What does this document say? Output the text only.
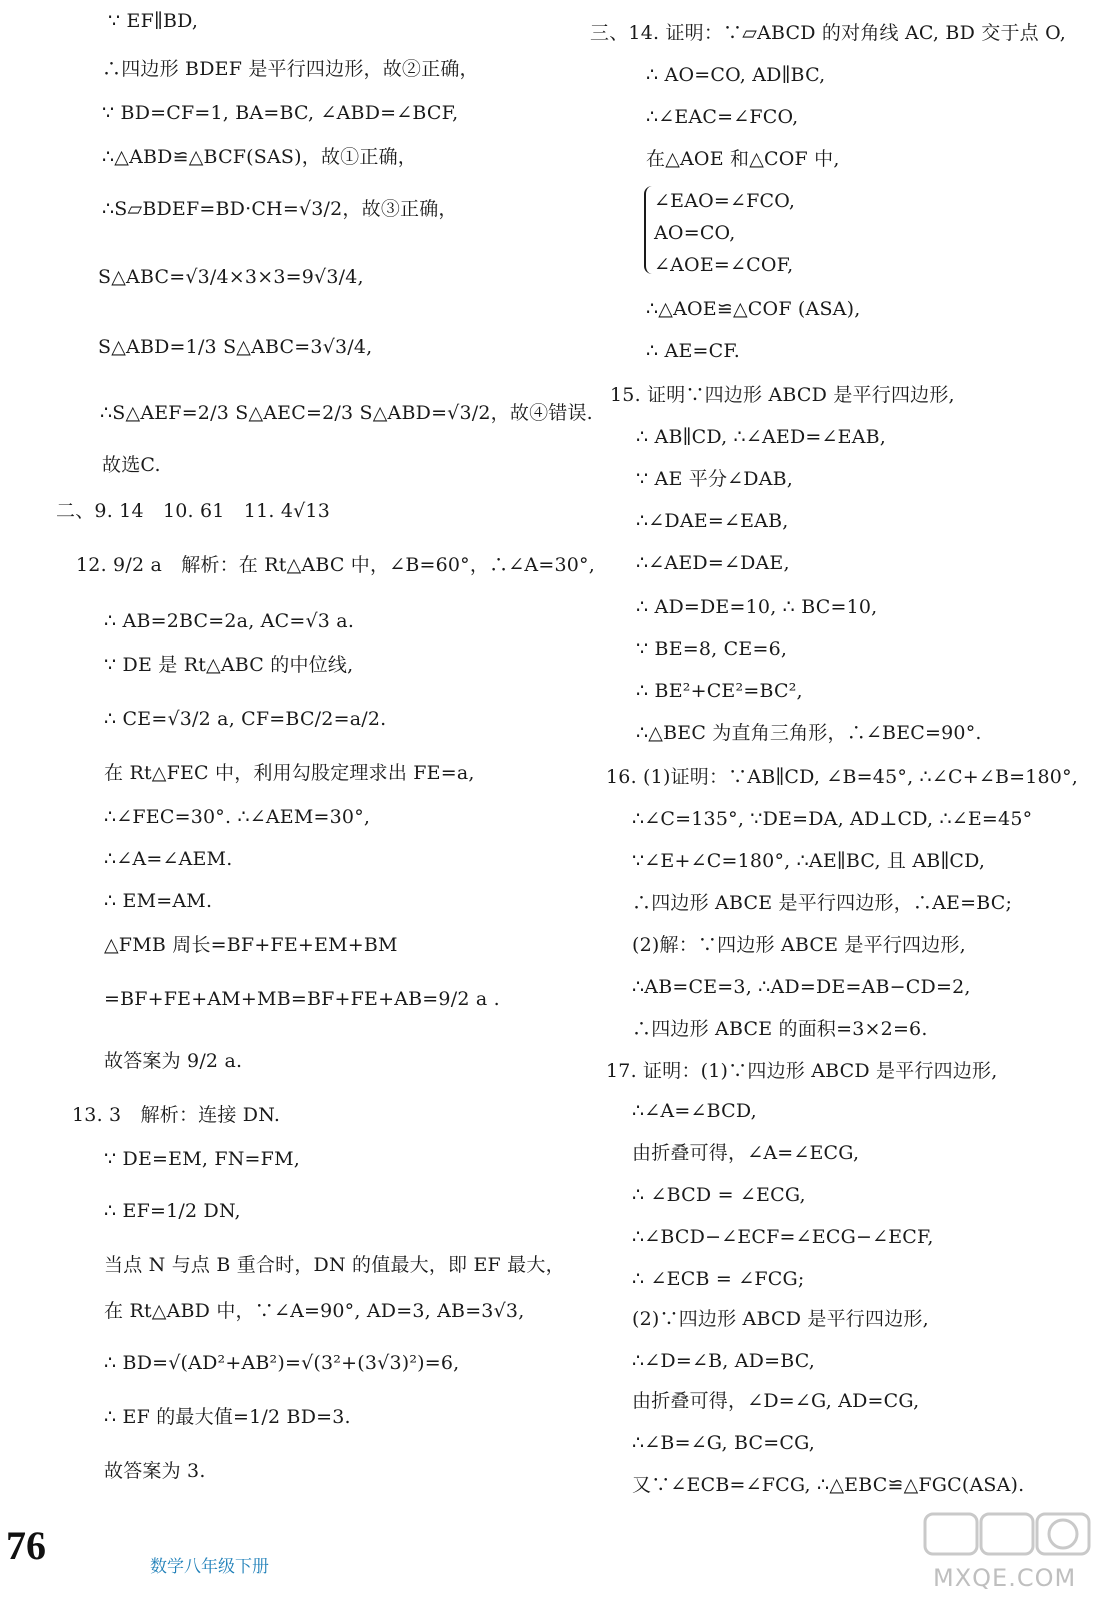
∵ EF∥BD,
∴四边形 BDEF 是平行四边形，故②正确，
∵ BD=CF=1, BA=BC, ∠ABD=∠BCF,
∴△ABD≌△BCF(SAS)，故①正确，
∴S▱BDEF=BD·CH=√3/2，故③正确，
S△ABC=√3/4×3×3=9√3/4,
S△ABD=1/3 S△ABC=3√3/4,
∴S△AEF=2/3 S△AEC=2/3 S△ABD=√3/2，故④错误.
故选C.
二、9. 14　10. 61　11. 4√13
12. 9/2 a　解析：在 Rt△ABC 中，∠B=60°，∴∠A=30°,
∴ AB=2BC=2a, AC=√3 a.
∵ DE 是 Rt△ABC 的中位线,
∴ CE=√3/2 a, CF=BC/2=a/2.
在 Rt△FEC 中，利用勾股定理求出 FE=a,
∴∠FEC=30°. ∴∠AEM=30°,
∴∠A=∠AEM.
∴ EM=AM.
△FMB 周长=BF+FE+EM+BM
=BF+FE+AM+MB=BF+FE+AB=9/2 a .
故答案为 9/2 a.
13. 3　解析：连接 DN.
∵ DE=EM, FN=FM,
∴ EF=1/2 DN,
当点 N 与点 B 重合时，DN 的值最大，即 EF 最大，
在 Rt△ABD 中，∵∠A=90°, AD=3, AB=3√3,
∴ BD=√(AD²+AB²)=√(3²+(3√3)²)=6,
∴ EF 的最大值=1/2 BD=3.
故答案为 3.
三、14. 证明：∵▱ABCD 的对角线 AC, BD 交于点 O,
∴ AO=CO, AD∥BC,
∴∠EAC=∠FCO,
在△AOE 和△COF 中,
∠EAO=∠FCO,
AO=CO,
∠AOE=∠COF,
∴△AOE≌△COF (ASA),
∴ AE=CF.
15. 证明∵四边形 ABCD 是平行四边形,
∴ AB∥CD, ∴∠AED=∠EAB,
∵ AE 平分∠DAB,
∴∠DAE=∠EAB,
∴∠AED=∠DAE,
∴ AD=DE=10, ∴ BC=10,
∵ BE=8, CE=6,
∴ BE²+CE²=BC²,
∴△BEC 为直角三角形，∴∠BEC=90°.
16. (1)证明：∵AB∥CD, ∠B=45°, ∴∠C+∠B=180°,
∴∠C=135°, ∵DE=DA, AD⊥CD, ∴∠E=45°
∵∠E+∠C=180°, ∴AE∥BC, 且 AB∥CD,
∴四边形 ABCE 是平行四边形，∴AE=BC;
(2)解：∵四边形 ABCE 是平行四边形,
∴AB=CE=3, ∴AD=DE=AB−CD=2,
∴四边形 ABCE 的面积=3×2=6.
17. 证明：(1)∵四边形 ABCD 是平行四边形,
∴∠A=∠BCD,
由折叠可得，∠A=∠ECG,
∴ ∠BCD = ∠ECG,
∴∠BCD−∠ECF=∠ECG−∠ECF,
∴ ∠ECB = ∠FCG;
(2)∵四边形 ABCD 是平行四边形,
∴∠D=∠B, AD=BC,
由折叠可得，∠D=∠G, AD=CG,
∴∠B=∠G, BC=CG,
又∵∠ECB=∠FCG, ∴△EBC≌△FGC(ASA).
76	数学八年级下册	MXQE.COM
